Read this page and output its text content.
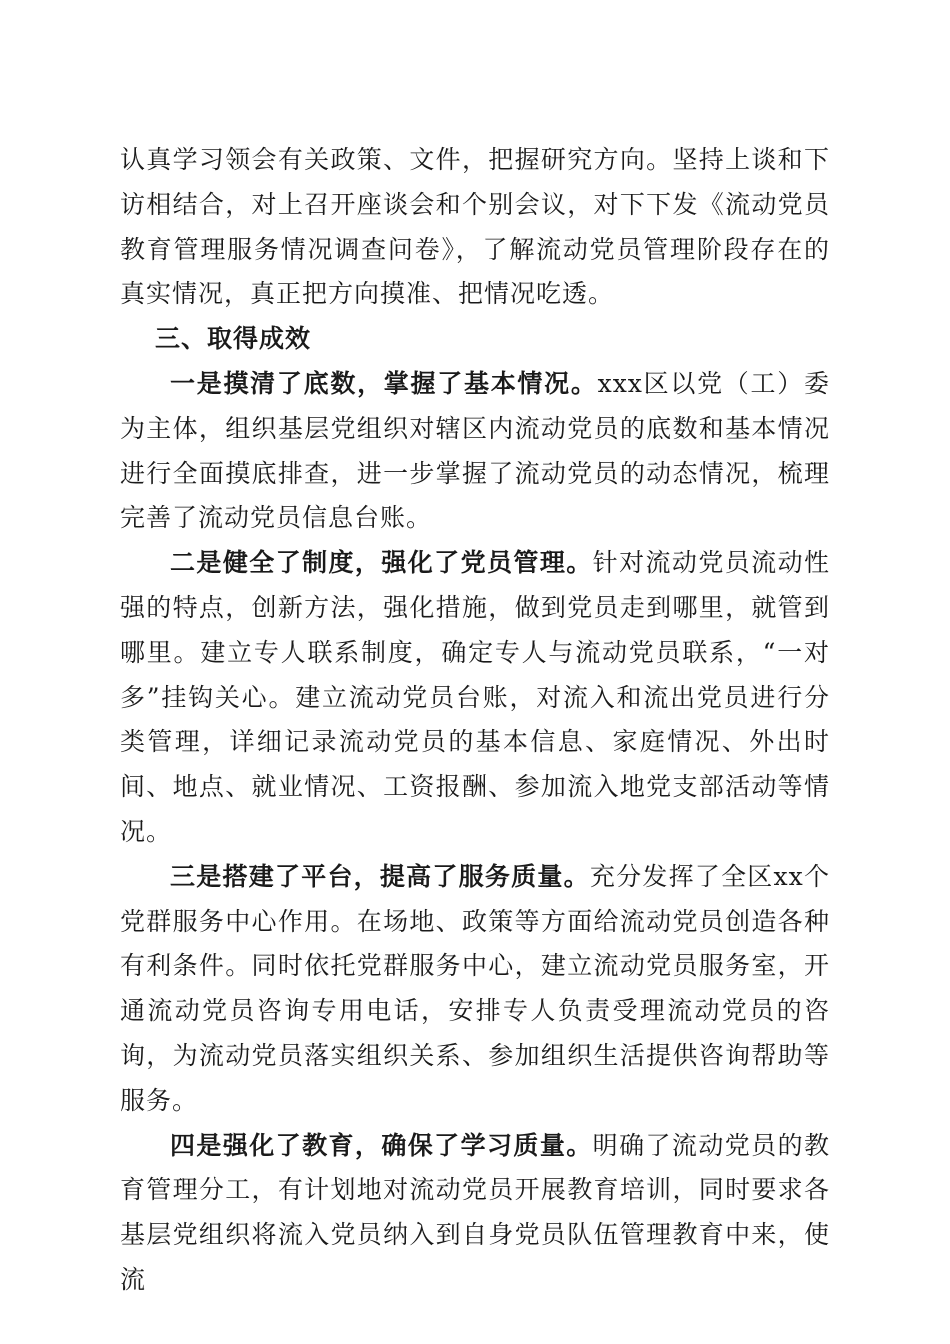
认真学习领会有关政策、文件，把握研究方向。坚持上谈和下访相结合，对上召开座谈会和个别会议，对下下发《流动党员教育管理服务情况调查问卷》，了解流动党员管理阶段存在的真实情况，真正把方向摸准、把情况吃透。

三、取得成效

一是摸清了底数，掌握了基本情况。xxx区以党（工）委为主体，组织基层党组织对辖区内流动党员的底数和基本情况进行全面摸底排查，进一步掌握了流动党员的动态情况，梳理完善了流动党员信息台账。

二是健全了制度，强化了党员管理。针对流动党员流动性强的特点，创新方法，强化措施，做到党员走到哪里，就管到哪里。建立专人联系制度，确定专人与流动党员联系，“一对多”挂钩关心。建立流动党员台账，对流入和流出党员进行分类管理，详细记录流动党员的基本信息、家庭情况、外出时间、地点、就业情况、工资报酬、参加流入地党支部活动等情况。

三是搭建了平台，提高了服务质量。充分发挥了全区xx个党群服务中心作用。在场地、政策等方面给流动党员创造各种有利条件。同时依托党群服务中心，建立流动党员服务室，开通流动党员咨询专用电话，安排专人负责受理流动党员的咨询，为流动党员落实组织关系、参加组织生活提供咨询帮助等服务。

四是强化了教育，确保了学习质量。明确了流动党员的教育管理分工，有计划地对流动党员开展教育培训，同时要求各基层党组织将流入党员纳入到自身党员队伍管理教育中来，使流
